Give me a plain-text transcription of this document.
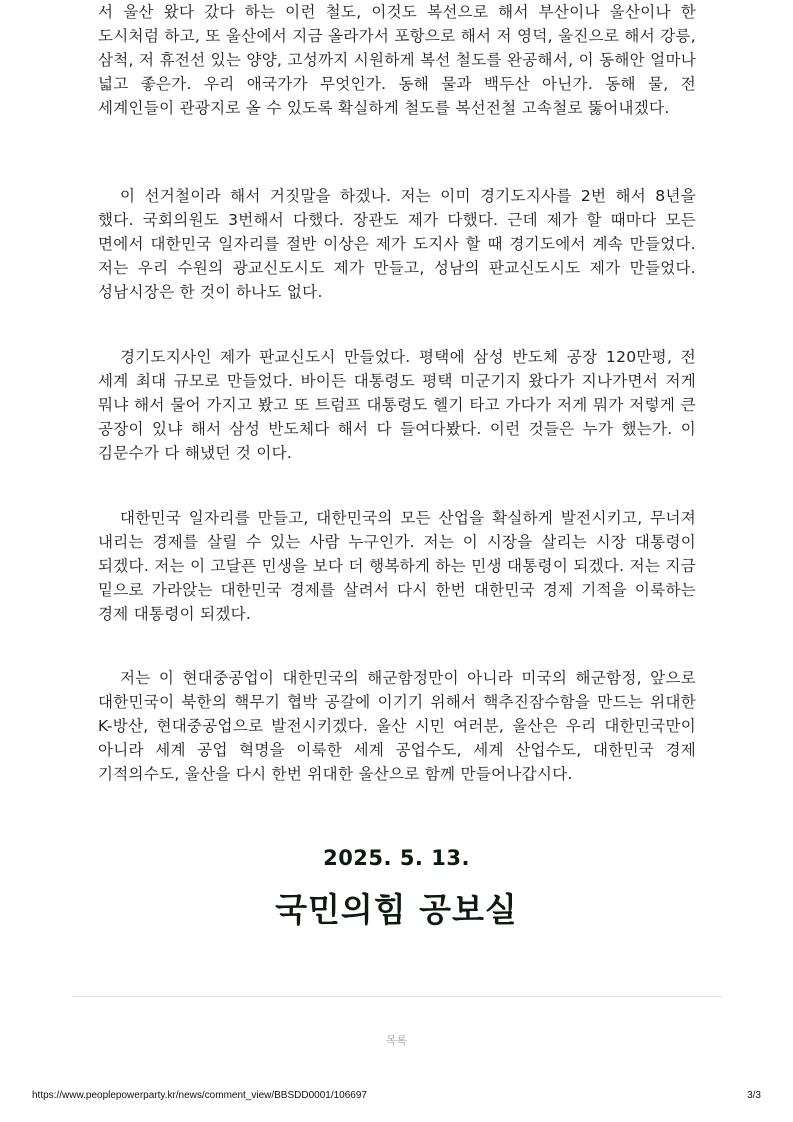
서 울산 왔다 갔다 하는 이런 철도, 이것도 복선으로 해서 부산이나 울산이나 한 도시처럼 하고, 또 울산에서 지금 올라가서 포항으로 해서 저 영덕, 울진으로 해서 강릉, 삼척, 저 휴전선 있는 양양, 고성까지 시원하게 복선 철도를 완공해서, 이 동해안 얼마나 넓고 좋은가. 우리 애국가가 무엇인가. 동해 물과 백두산 아닌가. 동해 물, 전 세계인들이 관광지로 올 수 있도록 확실하게 철도를 복선전철 고속철로 뚫어내겠다.

이 선거철이라 해서 거짓말을 하겠나. 저는 이미 경기도지사를 2번 해서 8년을 했다. 국회의원도 3번해서 다했다. 장관도 제가 다했다. 근데 제가 할 때마다 모든 면에서 대한민국 일자리를 절반 이상은 제가 도지사 할 때 경기도에서 계속 만들었다. 저는 우리 수원의 광교신도시도 제가 만들고, 성남의 판교신도시도 제가 만들었다. 성남시장은 한 것이 하나도 없다.

경기도지사인 제가 판교신도시 만들었다. 평택에 삼성 반도체 공장 120만평, 전 세계 최대 규모로 만들었다. 바이든 대통령도 평택 미군기지 왔다가 지나가면서 저게 뭐냐 해서 물어 가지고 봤고 또 트럼프 대통령도 헬기 타고 가다가 저게 뭐가 저렇게 큰 공장이 있냐 해서 삼성 반도체다 해서 다 들여다봤다. 이런 것들은 누가 했는가. 이 김문수가 다 해냈던 것 이다.

대한민국 일자리를 만들고, 대한민국의 모든 산업을 확실하게 발전시키고, 무너져 내리는 경제를 살릴 수 있는 사람 누구인가. 저는 이 시장을 살리는 시장 대통령이 되겠다. 저는 이 고달픈 민생을 보다 더 행복하게 하는 민생 대통령이 되겠다. 저는 지금 밑으로 가라앉는 대한민국 경제를 살려서 다시 한번 대한민국 경제 기적을 이룩하는 경제 대통령이 되겠다.

저는 이 현대중공업이 대한민국의 해군함정만이 아니라 미국의 해군함정, 앞으로 대한민국이 북한의 핵무기 협박 공갈에 이기기 위해서 핵추진잠수함을 만드는 위대한 K-방산, 현대중공업으로 발전시키겠다. 울산 시민 여러분, 울산은 우리 대한민국만이 아니라 세계 공업 혁명을 이룩한 세계 공업수도, 세계 산업수도, 대한민국 경제 기적의수도, 울산을 다시 한번 위대한 울산으로 함께 만들어나갑시다.

2025. 5. 13.
국민의힘 공보실
목록
https://www.peoplepowerparty.kr/news/comment_view/BBSDD0001/106697	3/3
